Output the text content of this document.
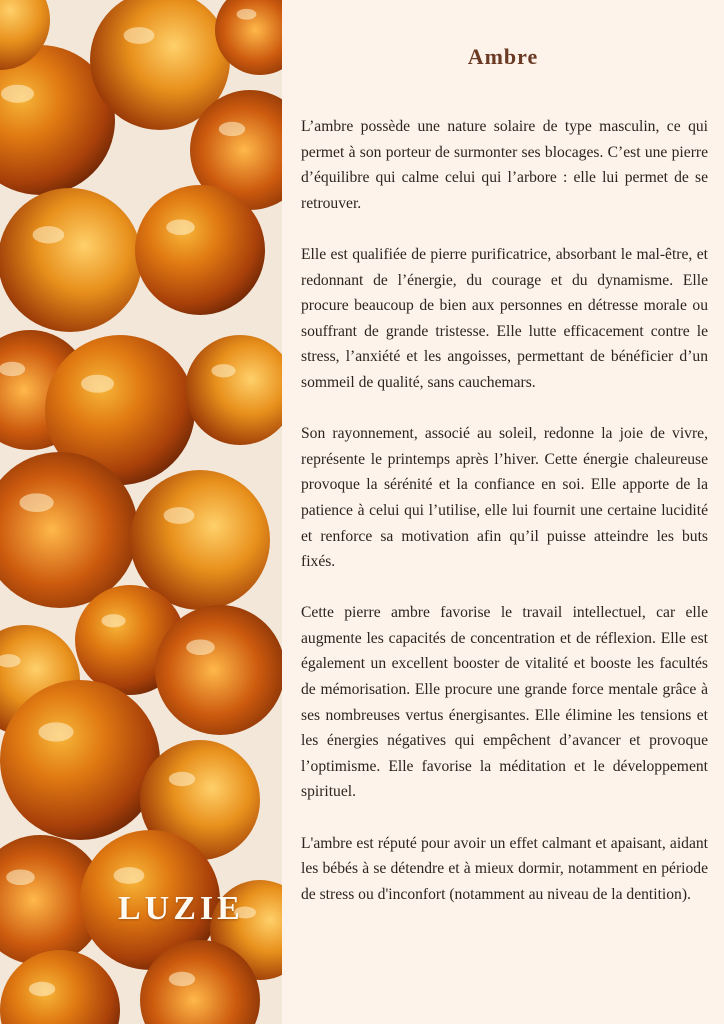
LUZIE
Ambre

L’ambre possède une nature solaire de type masculin, ce qui permet à son porteur de surmonter ses blocages. C’est une pierre d’équilibre qui calme celui qui l’arbore : elle lui permet de se retrouver.

Elle est qualifiée de pierre purificatrice, absorbant le mal-être, et redonnant de l’énergie, du courage et du dynamisme. Elle procure beaucoup de bien aux personnes en détresse morale ou souffrant de grande tristesse. Elle lutte efficacement contre le stress, l’anxiété et les angoisses, permettant de bénéficier d’un sommeil de qualité, sans cauchemars.

Son rayonnement, associé au soleil, redonne la joie de vivre, représente le printemps après l’hiver. Cette énergie chaleureuse provoque la sérénité et la confiance en soi. Elle apporte de la patience à celui qui l’utilise, elle lui fournit une certaine lucidité et renforce sa motivation afin qu’il puisse atteindre les buts fixés.

Cette pierre ambre favorise le travail intellectuel, car elle augmente les capacités de concentration et de réflexion. Elle est également un excellent booster de vitalité et booste les facultés de mémorisation. Elle procure une grande force mentale grâce à ses nombreuses vertus énergisantes. Elle élimine les tensions et les énergies négatives qui empêchent d’avancer et provoque l’optimisme. Elle favorise la méditation et le développement spirituel.

L'ambre est réputé pour avoir un effet calmant et apaisant, aidant les bébés à se détendre et à mieux dormir, notamment en période de stress ou d'inconfort (notamment au niveau de la dentition).
